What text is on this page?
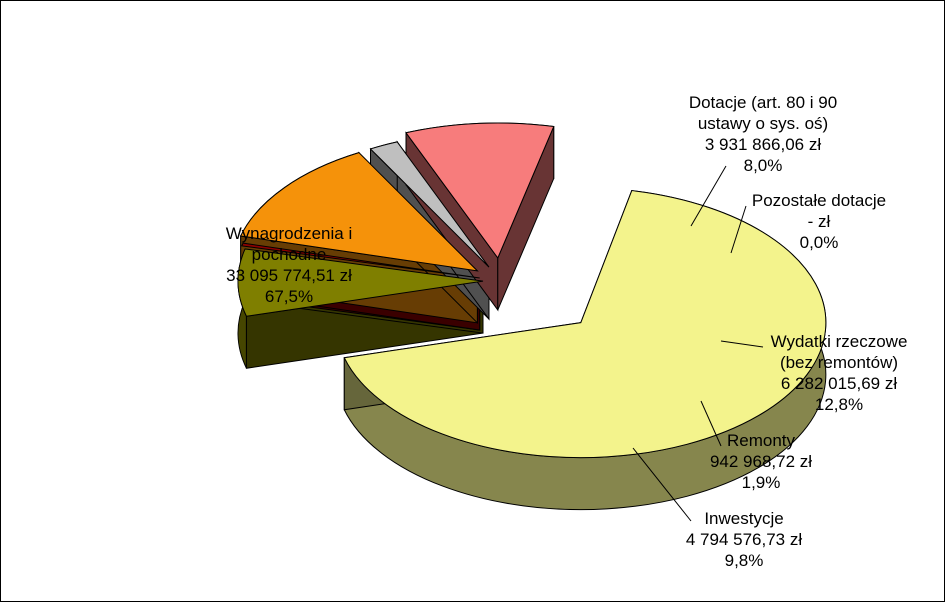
Wynagrodzenia i pochodne 33 095 774,51 zł 67,5%
Dotacje (art. 80 i 90 ustawy o sys. oś) 3 931 866,06 zł 8,0%
Pozostałe dotacje - zł 0,0%
Wydatki rzeczowe (bez remontów) 6 282 015,69 zł 12,8%
Remonty 942 968,72 zł 1,9%
Inwestycje 4 794 576,73 zł 9,8%
